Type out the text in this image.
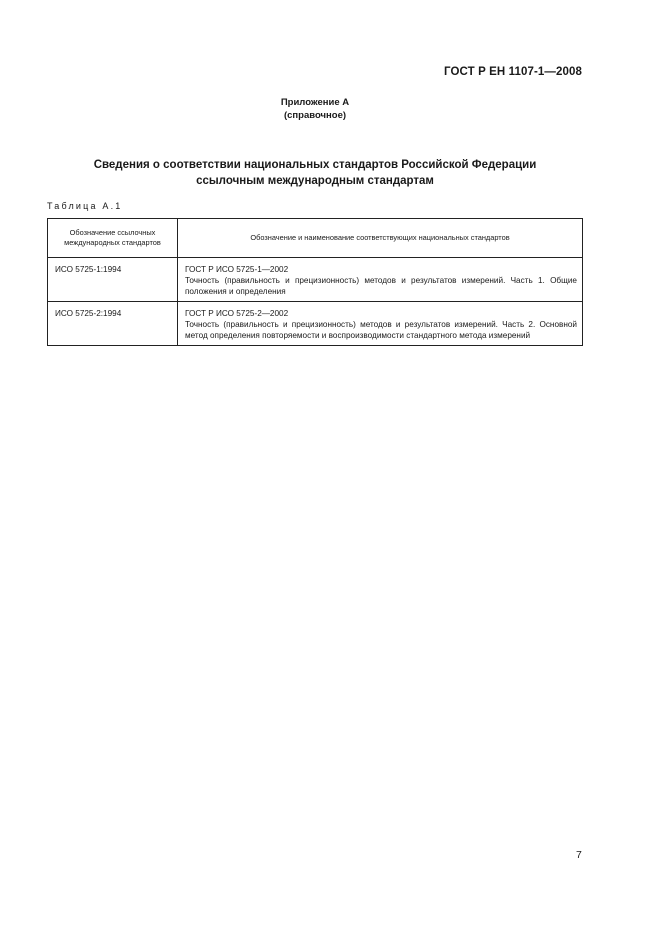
ГОСТ Р ЕН 1107-1—2008
Приложение А
(справочное)
Сведения о соответствии национальных стандартов Российской Федерации
ссылочным международным стандартам
Таблица А.1
Обозначение ссылочных международных стандартов	Обозначение и наименование соответствующих национальных стандартов
ИСО 5725-1:1994	ГОСТ Р ИСО 5725-1—2002
Точность (правильность и прецизионность) методов и результатов измерений. Часть 1. Общие положения и определения

ИСО 5725-2:1994	ГОСТ Р ИСО 5725-2—2002
Точность (правильность и прецизионность) методов и результатов измерений. Часть 2. Основной метод определения повторяемости и воспроизводимости стандартного метода измерений
7
